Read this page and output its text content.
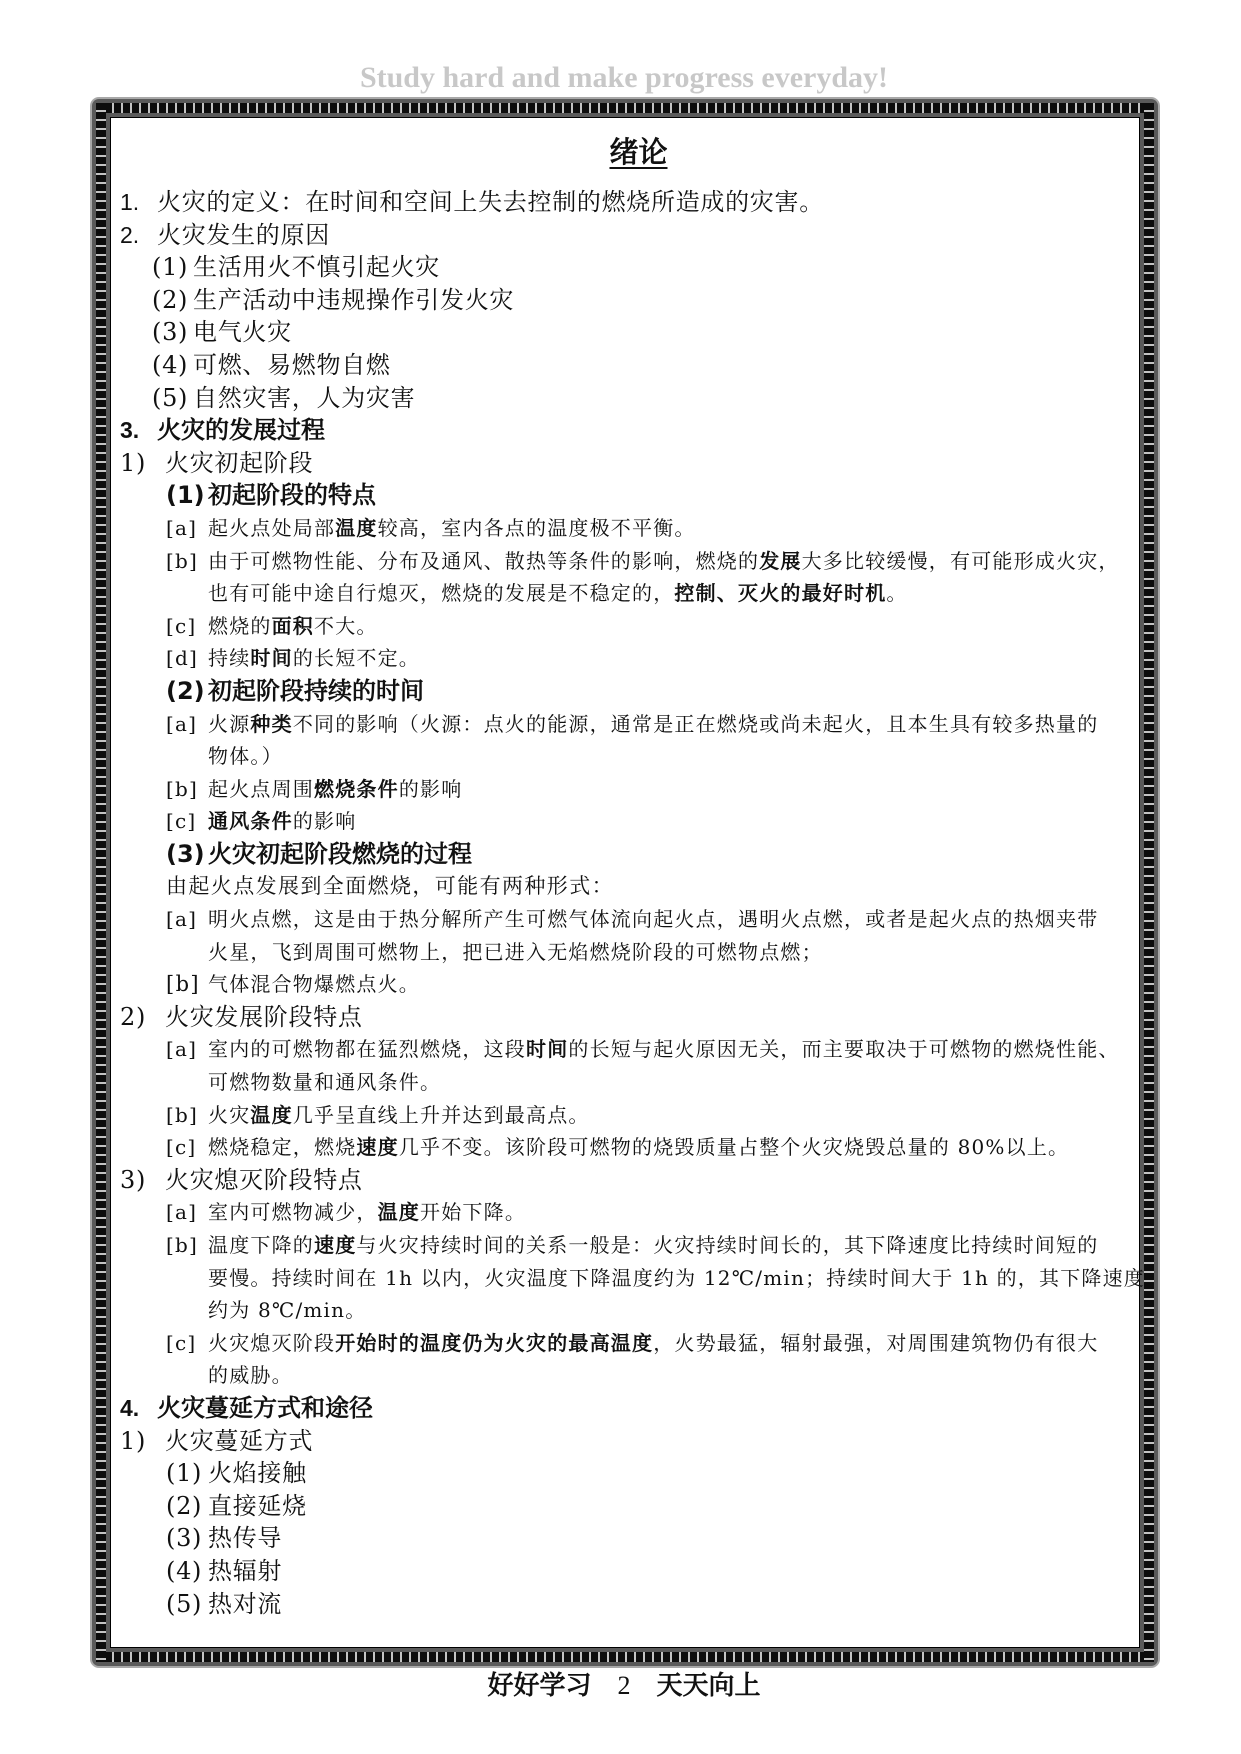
Study hard and make progress everyday!
绪论
1. 火灾的定义：在时间和空间上失去控制的燃烧所造成的灾害。
2. 火灾发生的原因
(1) 生活用火不慎引起火灾
(2) 生产活动中违规操作引发火灾
(3) 电气火灾
(4) 可燃、易燃物自燃
(5) 自然灾害，人为灾害
3. 火灾的发展过程
1) 火灾初起阶段
(1) 初起阶段的特点
[a] 起火点处局部温度较高，室内各点的温度极不平衡。
[b] 由于可燃物性能、分布及通风、散热等条件的影响，燃烧的发展大多比较缓慢，有可能形成火灾，
也有可能中途自行熄灭，燃烧的发展是不稳定的，控制、灭火的最好时机。
[c] 燃烧的面积不大。
[d] 持续时间的长短不定。
(2) 初起阶段持续的时间
[a] 火源种类不同的影响（火源：点火的能源，通常是正在燃烧或尚未起火，且本生具有较多热量的
物体。）
[b] 起火点周围燃烧条件的影响
[c] 通风条件的影响
(3) 火灾初起阶段燃烧的过程
由起火点发展到全面燃烧，可能有两种形式：
[a] 明火点燃，这是由于热分解所产生可燃气体流向起火点，遇明火点燃，或者是起火点的热烟夹带
火星，飞到周围可燃物上，把已进入无焰燃烧阶段的可燃物点燃；
[b] 气体混合物爆燃点火。
2) 火灾发展阶段特点
[a] 室内的可燃物都在猛烈燃烧，这段时间的长短与起火原因无关，而主要取决于可燃物的燃烧性能、
可燃物数量和通风条件。
[b] 火灾温度几乎呈直线上升并达到最高点。
[c] 燃烧稳定，燃烧速度几乎不变。该阶段可燃物的烧毁质量占整个火灾烧毁总量的 80%以上。
3) 火灾熄灭阶段特点
[a] 室内可燃物减少，温度开始下降。
[b] 温度下降的速度与火灾持续时间的关系一般是：火灾持续时间长的，其下降速度比持续时间短的
要慢。持续时间在 1h 以内，火灾温度下降温度约为 12℃/min；持续时间大于 1h 的，其下降速度
约为 8℃/min。
[c] 火灾熄灭阶段开始时的温度仍为火灾的最高温度，火势最猛，辐射最强，对周围建筑物仍有很大
的威胁。
4. 火灾蔓延方式和途径
1) 火灾蔓延方式
(1) 火焰接触
(2) 直接延烧
(3) 热传导
(4) 热辐射
(5) 热对流
好好学习 2 天天向上
